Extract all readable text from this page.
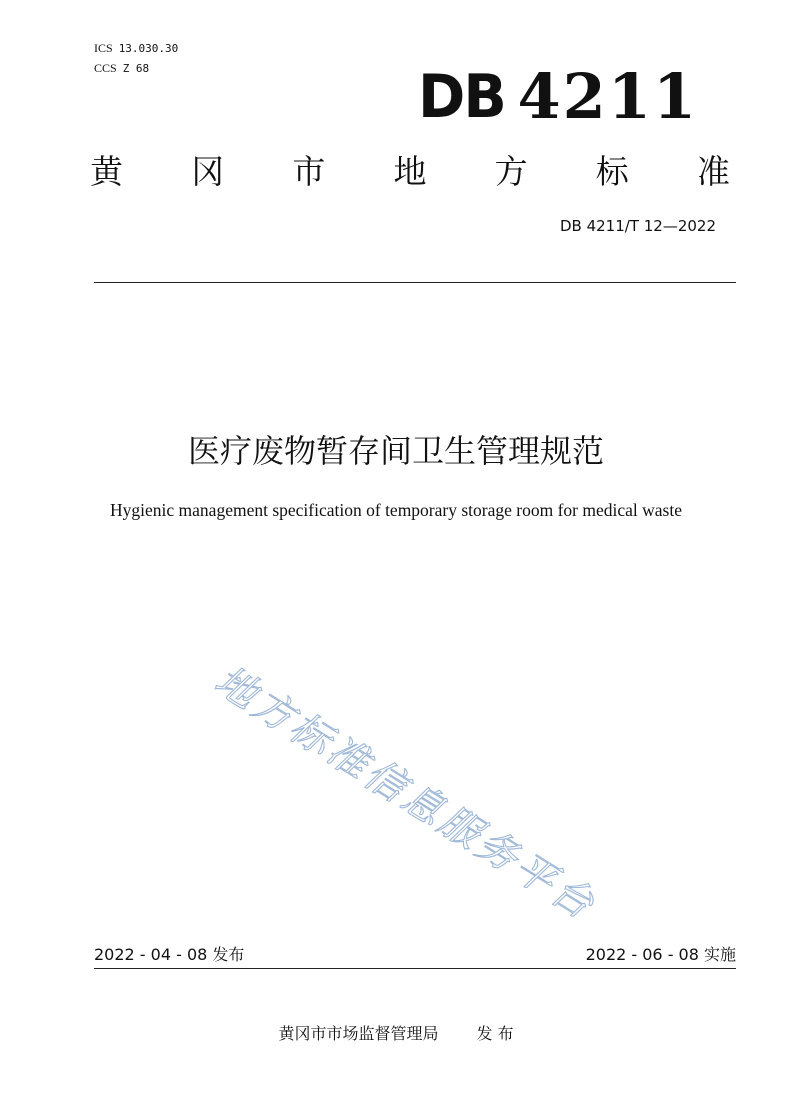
ICS 13.030.30
CCS Z 68	DB 4211
黄 冈 市 地 方 标 准
DB 4211/T 12—2022
医疗废物暂存间卫生管理规范
Hygienic management specification of temporary storage room for medical waste
地方标准信息服务平台
2022 - 04 - 08 发布	2022 - 06 - 08 实施
黄冈市市场监督管理局 发 布
